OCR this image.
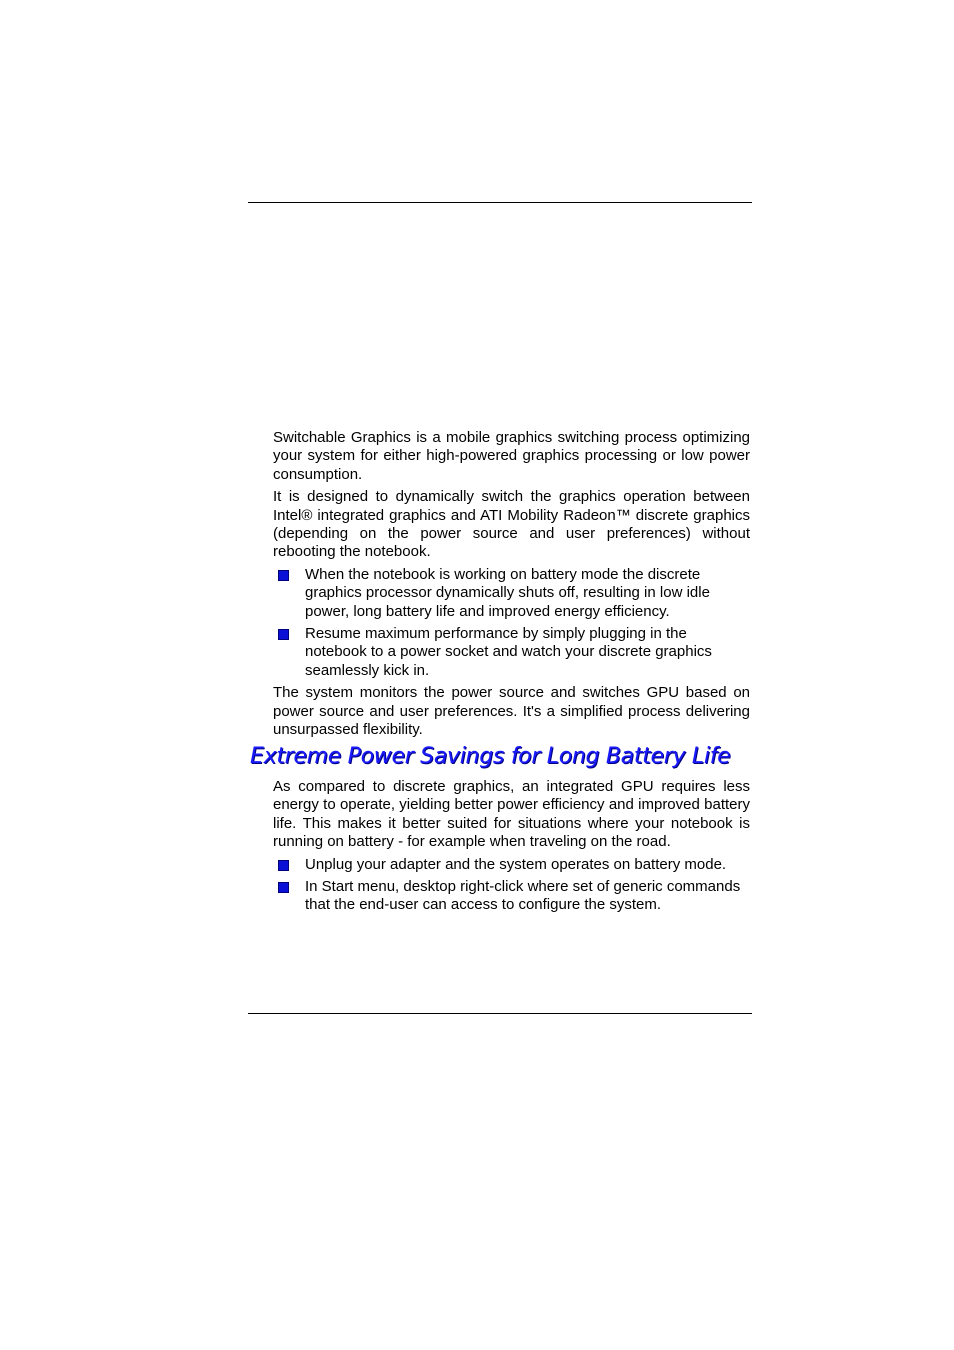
Switchable Graphics is a mobile graphics switching process optimizing your system for either high-powered graphics processing or low power consumption.

It is designed to dynamically switch the graphics operation between Intel® integrated graphics and ATI Mobility Radeon™ discrete graphics (depending on the power source and user preferences) without rebooting the notebook.

When the notebook is working on battery mode the discrete graphics processor dynamically shuts off, resulting in low idle power, long battery life and improved energy efficiency.
Resume maximum performance by simply plugging in the notebook to a power socket and watch your discrete graphics seamlessly kick in.

The system monitors the power source and switches GPU based on power source and user preferences. It's a simplified process delivering unsurpassed flexibility.

Extreme Power Savings for Long Battery Life

As compared to discrete graphics, an integrated GPU requires less energy to operate, yielding better power efficiency and improved battery life. This makes it better suited for situations where your notebook is running on battery - for example when traveling on the road.

Unplug your adapter and the system operates on battery mode.
In Start menu, desktop right-click where set of generic commands that the end-user can access to configure the system.
